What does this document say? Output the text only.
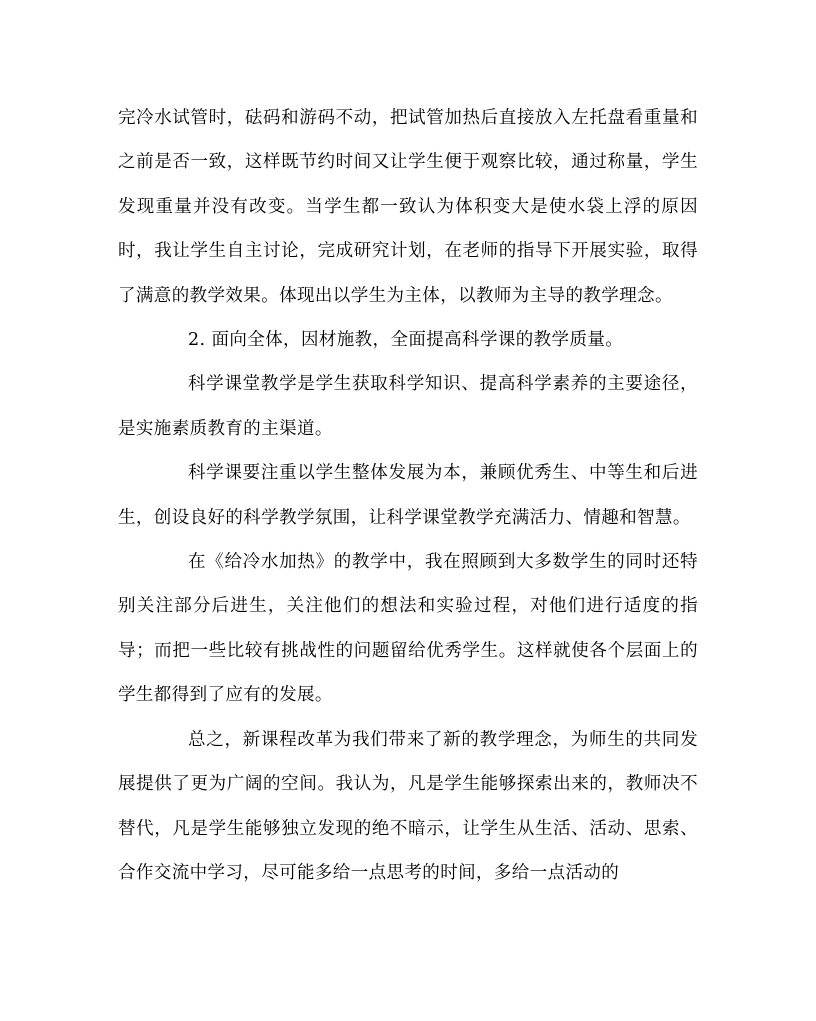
完冷水试管时，砝码和游码不动，把试管加热后直接放入左托盘看重量和之前是否一致，这样既节约时间又让学生便于观察比较，通过称量，学生发现重量并没有改变。当学生都一致认为体积变大是使水袋上浮的原因时，我让学生自主讨论，完成研究计划，在老师的指导下开展实验，取得了满意的教学效果。体现出以学生为主体，以教师为主导的教学理念。

2. 面向全体，因材施教，全面提高科学课的教学质量。

科学课堂教学是学生获取科学知识、提高科学素养的主要途径，是实施素质教育的主渠道。

科学课要注重以学生整体发展为本，兼顾优秀生、中等生和后进生，创设良好的科学教学氛围，让科学课堂教学充满活力、情趣和智慧。

在《给冷水加热》的教学中，我在照顾到大多数学生的同时还特别关注部分后进生，关注他们的想法和实验过程，对他们进行适度的指导；而把一些比较有挑战性的问题留给优秀学生。这样就使各个层面上的学生都得到了应有的发展。

总之，新课程改革为我们带来了新的教学理念，为师生的共同发展提供了更为广阔的空间。我认为，凡是学生能够探索出来的，教师决不替代，凡是学生能够独立发现的绝不暗示，让学生从生活、活动、思索、合作交流中学习，尽可能多给一点思考的时间，多给一点活动的
